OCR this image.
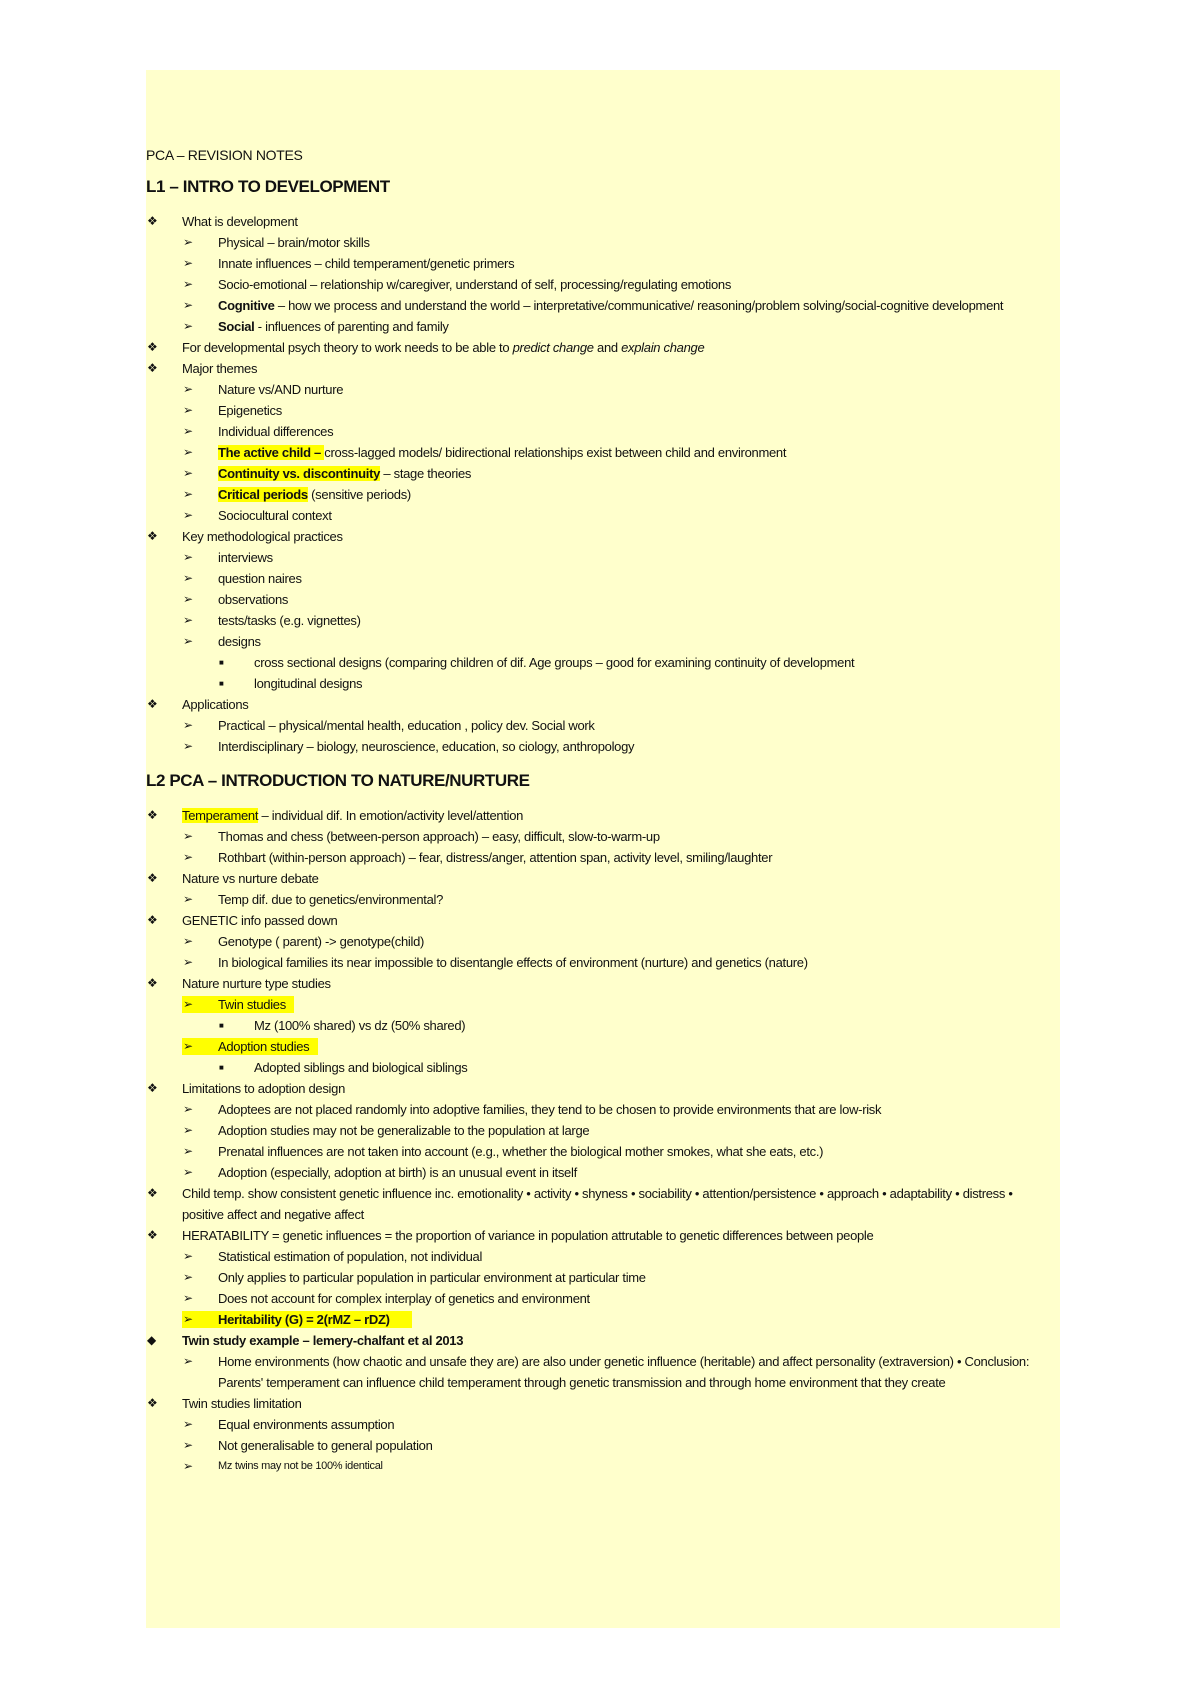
PCA – REVISION NOTES
L1 – INTRO TO DEVELOPMENT
❖ What is development
➢	Physical – brain/motor skills
➢	Innate influences – child temperament/genetic primers
➢	Socio-emotional – relationship w/caregiver, understand of self, processing/regulating emotions
➢	Cognitive – how we process and understand the world – interpretative/communicative/ reasoning/problem solving/social-cognitive development
➢	Social - influences of parenting and family
❖ For developmental psych theory to work needs to be able to predict change and explain change
❖ Major themes
➢	Nature vs/AND nurture
➢	Epigenetics
➢	Individual differences
➢	The active child – cross-lagged models/ bidirectional relationships exist between child and environment
➢	Continuity vs. discontinuity – stage theories
➢	Critical periods (sensitive periods)
➢	Sociocultural context
❖ Key methodological practices
➢	interviews
➢	question naires
➢	observations
➢	tests/tasks (e.g. vignettes)
➢	designs
■	cross sectional designs (comparing children of dif. Age groups – good for examining continuity of development
■	longitudinal designs
❖ Applications
➢	Practical – physical/mental health, education , policy dev. Social work
➢	Interdisciplinary – biology, neuroscience, education, so ciology, anthropology
L2 PCA – INTRODUCTION TO NATURE/NURTURE
❖ Temperament – individual dif. In emotion/activity level/attention
➢	Thomas and chess (between-person approach) – easy, difficult, slow-to-warm-up
➢	Rothbart (within-person approach) – fear, distress/anger, attention span, activity level, smiling/laughter
❖ Nature vs nurture debate
➢	Temp dif. due to genetics/environmental?
❖ GENETIC info passed down
➢	Genotype ( parent) -> genotype(child)
➢	In biological families its near impossible to disentangle effects of environment (nurture) and genetics (nature)
❖ Nature nurture type studies
➢	Twin studies
■	Mz (100% shared) vs dz (50% shared)
➢	Adoption studies
■	Adopted siblings and biological siblings
❖ Limitations to adoption design
➢	Adoptees are not placed randomly into adoptive families, they tend to be chosen to provide environments that are low-risk
➢	Adoption studies may not be generalizable to the population at large
➢	Prenatal influences are not taken into account (e.g., whether the biological mother smokes, what she eats, etc.)
➢	Adoption (especially, adoption at birth) is an unusual event in itself
❖ Child temp. show consistent genetic influence inc. emotionality • activity • shyness • sociability • attention/persistence • approach • adaptability • distress • positive affect and negative affect
❖ HERATABILITY = genetic influences = the proportion of variance in population attrutable to genetic differences between people
➢	Statistical estimation of population, not individual
➢	Only applies to particular population in particular environment at particular time
➢	Does not account for complex interplay of genetics and environment
➢	Heritability (G) = 2(rMZ – rDZ)
◆	Twin study example – lemery-chalfant et al 2013
➢	Home environments (how chaotic and unsafe they are) are also under genetic influence (heritable) and affect personality (extraversion) • Conclusion: Parents' temperament can influence child temperament through genetic transmission and through home environment that they create
❖ Twin studies limitation
➢	Equal environments assumption
➢	Not generalisable to general population
➢	Mz twins may not be 100% identical
